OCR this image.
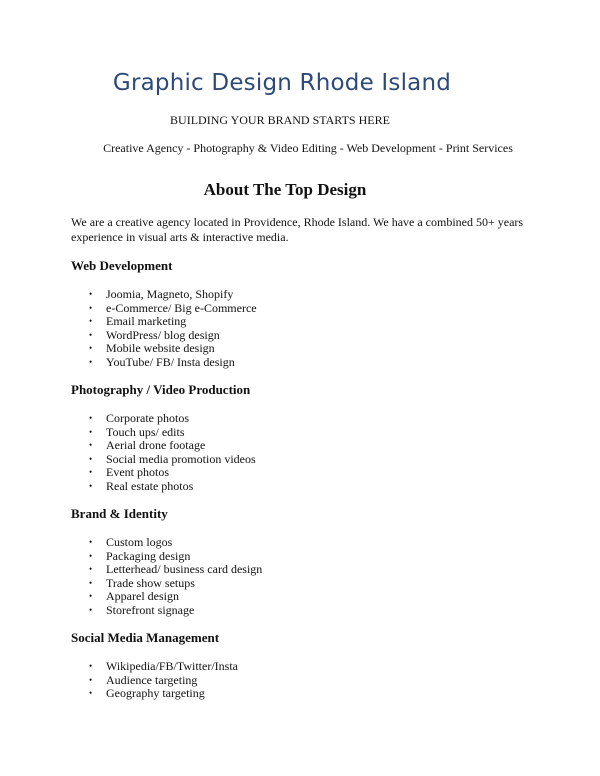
Graphic Design Rhode Island
BUILDING YOUR BRAND STARTS HERE
Creative Agency - Photography & Video Editing - Web Development - Print Services
About The Top Design
We are a creative agency located in Providence, Rhode Island. We have a combined 50+ years experience in visual arts & interactive media.
Web Development
• Joomia, Magneto, Shopify
• e-Commerce/ Big e-Commerce
• Email marketing
• WordPress/ blog design
• Mobile website design
• YouTube/ FB/ Insta design
Photography / Video Production
• Corporate photos
• Touch ups/ edits
• Aerial drone footage
• Social media promotion videos
• Event photos
• Real estate photos
Brand & Identity
• Custom logos
• Packaging design
• Letterhead/ business card design
• Trade show setups
• Apparel design
• Storefront signage
Social Media Management
• Wikipedia/FB/Twitter/Insta
• Audience targeting
• Geography targeting
